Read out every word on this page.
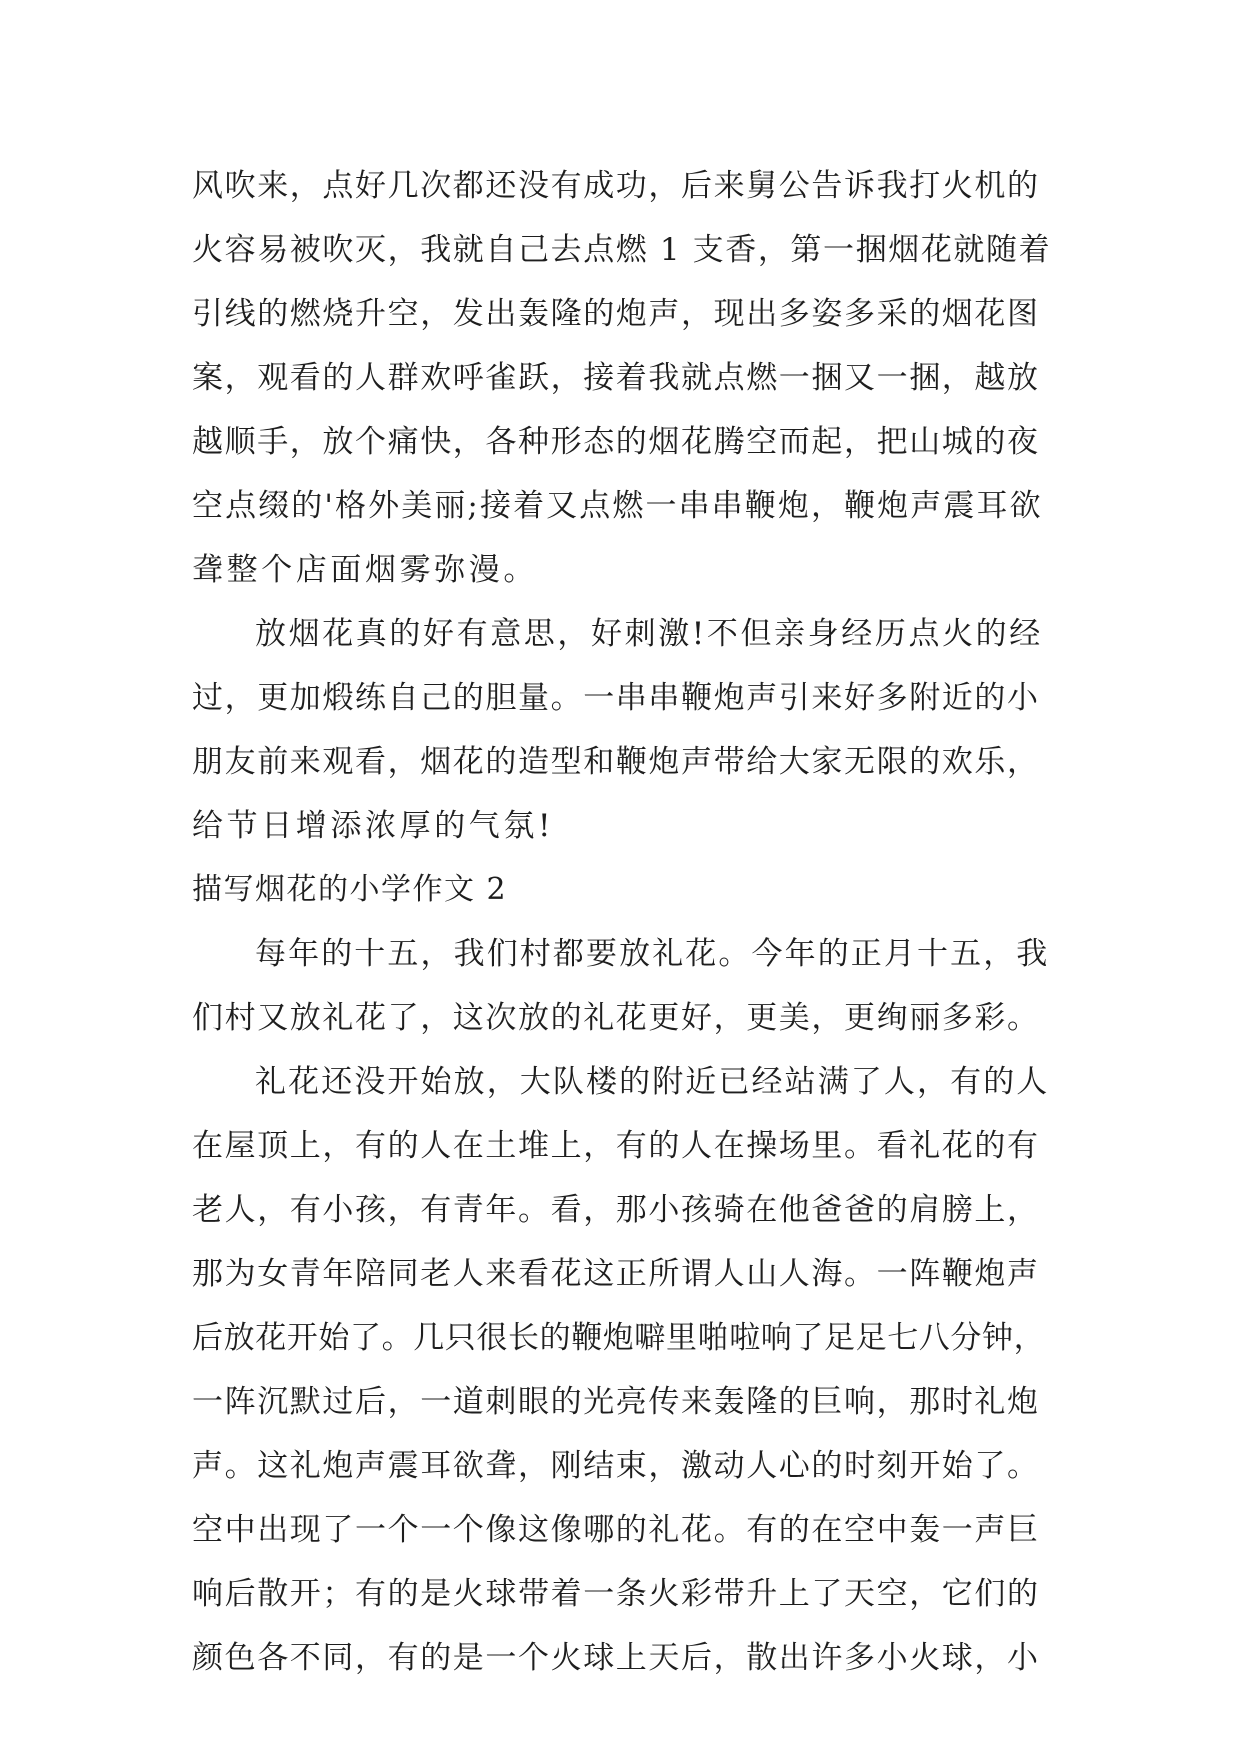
风吹来，点好几次都还没有成功，后来舅公告诉我打火机的
火容易被吹灭，我就自己去点燃 1 支香，第一捆烟花就随着
引线的燃烧升空，发出轰隆的炮声，现出多姿多采的烟花图
案，观看的人群欢呼雀跃，接着我就点燃一捆又一捆，越放
越顺手，放个痛快，各种形态的烟花腾空而起，把山城的夜
空点缀的'格外美丽;接着又点燃一串串鞭炮，鞭炮声震耳欲
聋整个店面烟雾弥漫。
放烟花真的好有意思，好刺激!不但亲身经历点火的经
过，更加煅练自己的胆量。一串串鞭炮声引来好多附近的小
朋友前来观看，烟花的造型和鞭炮声带给大家无限的欢乐，
给节日增添浓厚的气氛!
描写烟花的小学作文 2
每年的十五，我们村都要放礼花。今年的正月十五，我
们村又放礼花了，这次放的礼花更好，更美，更绚丽多彩。
礼花还没开始放，大队楼的附近已经站满了人，有的人
在屋顶上，有的人在土堆上，有的人在操场里。看礼花的有
老人，有小孩，有青年。看，那小孩骑在他爸爸的肩膀上，
那为女青年陪同老人来看花这正所谓人山人海。一阵鞭炮声
后放花开始了。几只很长的鞭炮噼里啪啦响了足足七八分钟，
一阵沉默过后，一道刺眼的光亮传来轰隆的巨响，那时礼炮
声。这礼炮声震耳欲聋，刚结束，激动人心的时刻开始了。
空中出现了一个一个像这像哪的礼花。有的在空中轰一声巨
响后散开；有的是火球带着一条火彩带升上了天空，它们的
颜色各不同，有的是一个火球上天后，散出许多小火球，小
